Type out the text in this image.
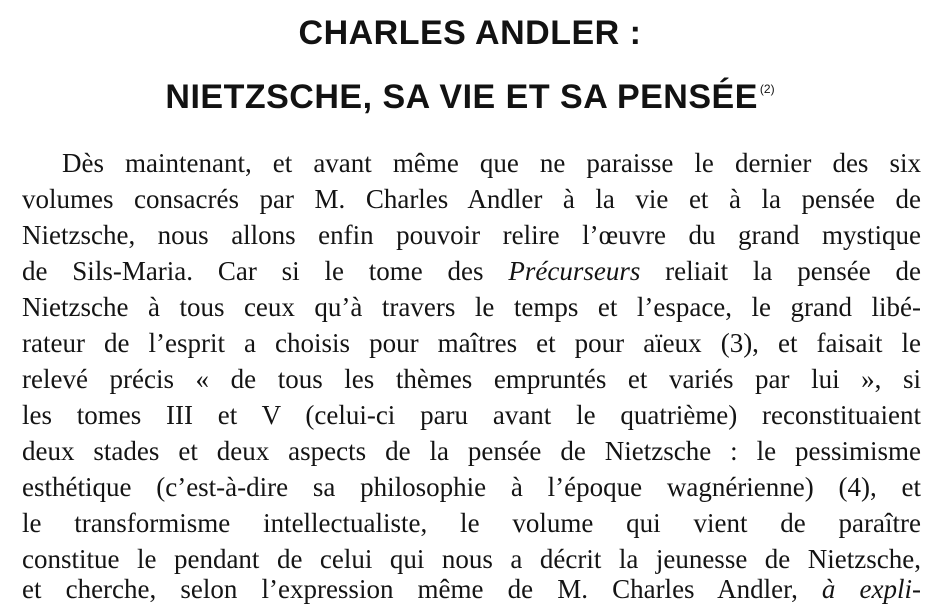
CHARLES ANDLER :
NIETZSCHE, SA VIE ET SA PENSÉE $^{(2)}$
Dès maintenant, et avant même que ne paraisse le dernier des six
volumes consacrés par M. Charles Andler à la vie et à la pensée de
Nietzsche, nous allons enfin pouvoir relire l’œuvre du grand mystique
de Sils-Maria. Car si le tome des Précurseurs reliait la pensée de
Nietzsche à tous ceux qu’à travers le temps et l’espace, le grand libé-
rateur de l’esprit a choisis pour maîtres et pour aïeux (3), et faisait le
relevé précis « de tous les thèmes empruntés et variés par lui », si
les tomes III et V (celui-ci paru avant le quatrième) reconstituaient
deux stades et deux aspects de la pensée de Nietzsche : le pessimisme
esthétique (c’est-à-dire sa philosophie à l’époque wagnérienne) (4), et
le transformisme intellectualiste, le volume qui vient de paraître
constitue le pendant de celui qui nous a décrit la jeunesse de Nietzsche,
et cherche, selon l’expression même de M. Charles Andler, à expli-
